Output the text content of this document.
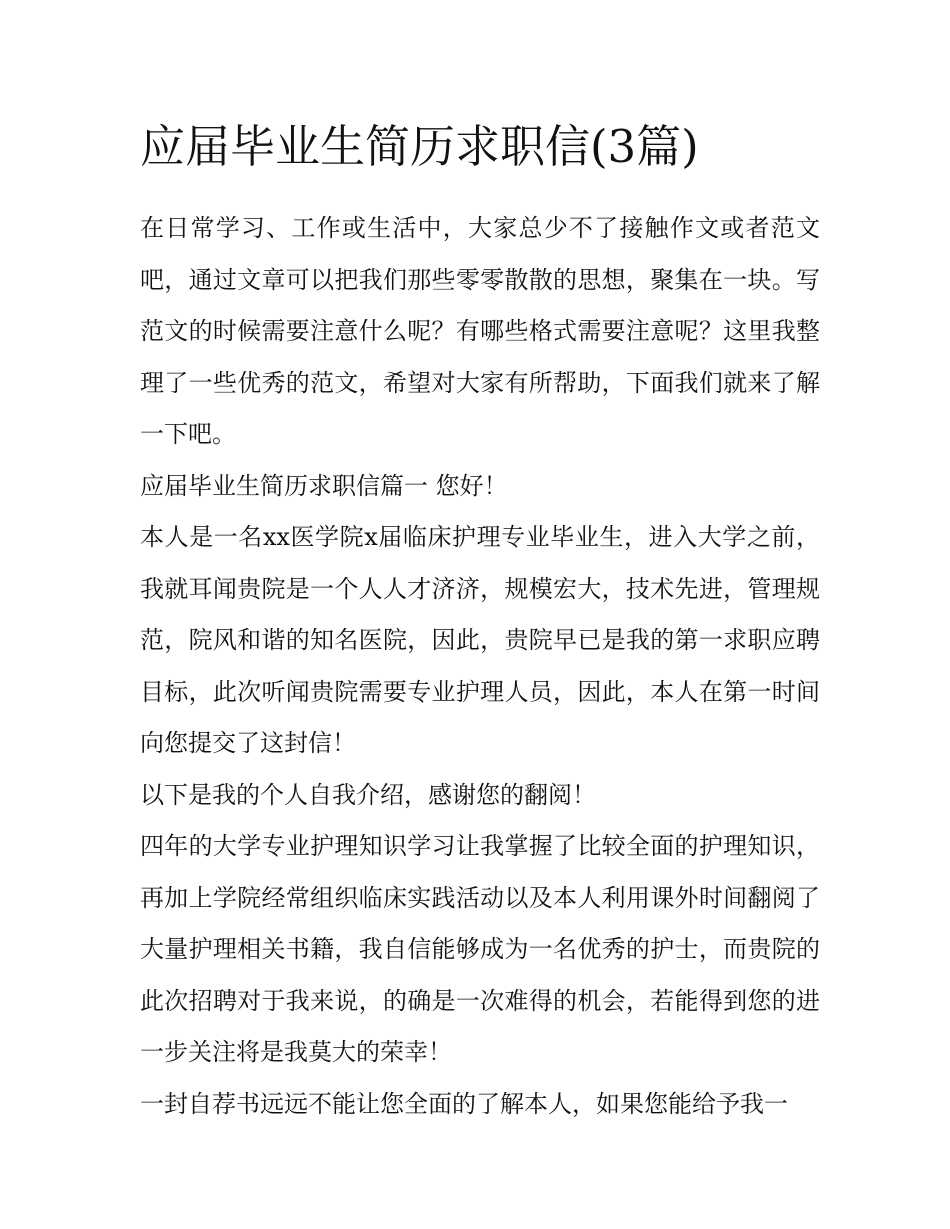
应届毕业生简历求职信(3篇)

在日常学习、工作或生活中，大家总少不了接触作文或者范文吧，通过文章可以把我们那些零零散散的思想，聚集在一块。写范文的时候需要注意什么呢？有哪些格式需要注意呢？这里我整理了一些优秀的范文，希望对大家有所帮助，下面我们就来了解一下吧。

应届毕业生简历求职信篇一 您好！

本人是一名xx医学院x届临床护理专业毕业生，进入大学之前，我就耳闻贵院是一个人人才济济，规模宏大，技术先进，管理规范，院风和谐的知名医院，因此，贵院早已是我的第一求职应聘目标，此次听闻贵院需要专业护理人员，因此，本人在第一时间向您提交了这封信！

以下是我的个人自我介绍，感谢您的翻阅！

四年的大学专业护理知识学习让我掌握了比较全面的护理知识，再加上学院经常组织临床实践活动以及本人利用课外时间翻阅了大量护理相关书籍，我自信能够成为一名优秀的护士，而贵院的此次招聘对于我来说，的确是一次难得的机会，若能得到您的进一步关注将是我莫大的荣幸！

一封自荐书远远不能让您全面的了解本人，如果您能给予我一
